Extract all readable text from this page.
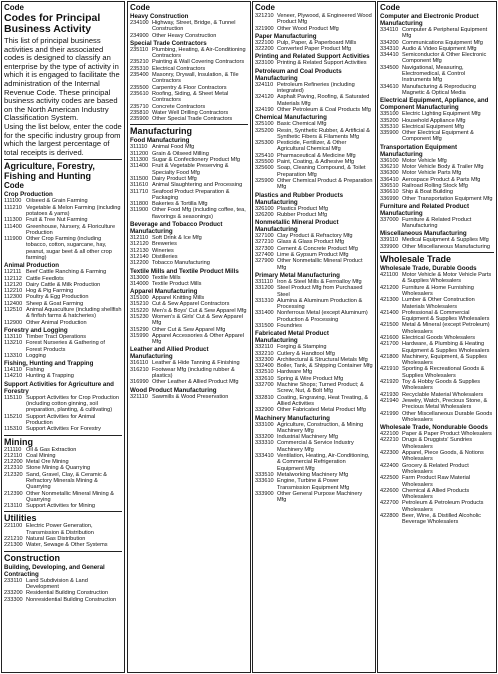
Code
Codes for Principal Business Activity

This list of principal business activities and their associated codes is designed to classify an enterprise by the type of activity in which it is engaged to facilitate the administration of the Internal Revenue Code. These principal business activity codes are based on the North American Industry Classification System.

Using the list below, enter the code for the specific industry group from which the largest percentage of total receipts is derived.

Agriculture, Forestry, Fishing and Hunting
Code
Crop Production
111100 Oilseed & Grain Farming
111210 Vegetable & Melon Farming (including potatoes & yams)
111300 Fruit & Tree Nut Farming
111400 Greenhouse, Nursery, & Floriculture Production
111900 Other Crop Farming (including tobacco, cotton, sugarcane, hay, peanut, sugar beet & all other crop farming)
Animal Production
112111 Beef Cattle Ranching & Farming
112112 Cattle Feedlots
112120 Dairy Cattle & Milk Production
112210 Hog & Pig Farming
112300 Poultry & Egg Production
112400 Sheep & Goat Farming
112510 Animal Aquaculture (including shellfish & finfish farms & hatcheries)
112900 Other Animal Production
Forestry and Logging
113110 Timber Tract Operations
113210 Forest Nurseries & Gathering of Forest Products
113310 Logging
Fishing, Hunting and Trapping
114110 Fishing
114210 Hunting & Trapping
Support Activities for Agriculture and Forestry
115110 Support Activities for Crop Production (including cotton ginning, soil preparation, planting, & cultivating)
115210 Support Activities for Animal Production
115310 Support Activities For Forestry
Mining
211110 Oil & Gas Extraction
212110 Coal Mining
212200 Metal Ore Mining
212310 Stone Mining & Quarrying
212320 Sand, Gravel, Clay, & Ceramic & Refractory Minerals Mining & Quarrying
212390 Other Nonmetallic Mineral Mining & Quarrying
213110 Support Activities for Mining
Utilities
221100 Electric Power Generation, Transmission & Distribution
221210 Natural Gas Distribution
221300 Water, Sewage & Other Systems
Construction
Building, Developing, and General Contracting
233110 Land Subdivision & Land Development
233200 Residential Building Construction
233300 Nonresidential Building Construction
Code
Heavy Construction
234100 Highway, Street, Bridge, & Tunnel Construction
234900 Other Heavy Construction
Special Trade Contractors
235110 Plumbing, Heating, & Air-Conditioning Contractors
235210 Painting & Wall Covering Contractors
235310 Electrical Contractors
235400 Masonry, Drywall, Insulation, & Tile Contractors
235500 Carpentry & Floor Contractors
235610 Roofing, Siding, & Sheet Metal Contractors
235710 Concrete Contractors
235810 Water Well Drilling Contractors
235900 Other Special Trade Contractors
Manufacturing
Food Manufacturing
311110 Animal Food Mfg
311200 Grain & Oilseed Milling
311300 Sugar & Confectionery Product Mfg
311400 Fruit & Vegetable Preserving & Specialty Food Mfg
311500 Dairy Product Mfg
311610 Animal Slaughtering and Processing
311710 Seafood Product Preparation & Packaging
311800 Bakeries & Tortilla Mfg
311900 Other Food Mfg (including coffee, tea, flavorings & seasonings)
Beverage and Tobacco Product Manufacturing
312110 Soft Drink & Ice Mfg
312120 Breweries
312130 Wineries
312140 Distilleries
312200 Tobacco Manufacturing
Textile Mills and Textile Product Mills
313000 Textile Mills
314000 Textile Product Mills
Apparel Manufacturing
315100 Apparel Knitting Mills
315210 Cut & Sew Apparel Contractors
315220 Men's & Boys' Cut & Sew Apparel Mfg
315230 Women's & Girls' Cut & Sew Apparel Mfg
315290 Other Cut & Sew Apparel Mfg
315990 Apparel Accessories & Other Apparel Mfg
Leather and Allied Product Manufacturing
316110 Leather & Hide Tanning & Finishing
316210 Footwear Mfg (including rubber & plastics)
316990 Other Leather & Allied Product Mfg
Wood Product Manufacturing
321110 Sawmills & Wood Preservation
Code
321210 Veneer, Plywood, & Engineered Wood Product Mfg
321900 Other Wood Product Mfg
Paper Manufacturing
322100 Pulp, Paper, & Paperboard Mills
322200 Converted Paper Product Mfg
Printing and Related Support Activities
323100 Printing & Related Support Activities
Petroleum and Coal Products Manufacturing
324110 Petroleum Refineries (including integrated)
324120 Asphalt Paving, Roofing, & Saturated Materials Mfg
324190 Other Petroleum & Coal Products Mfg
Chemical Manufacturing
325100 Basic Chemical Mfg
325200 Resin, Synthetic Rubber, & Artificial & Synthetic Fibers & Filaments Mfg
325300 Pesticide, Fertilizer, & Other Agricultural Chemical Mfg
325410 Pharmaceutical & Medicine Mfg
325500 Paint, Coating, & Adhesive Mfg
325600 Soap, Cleaning Compound, & Toilet Preparation Mfg
325900 Other Chemical Product & Preparation Mfg
Plastics and Rubber Products Manufacturing
326100 Plastics Product Mfg
326200 Rubber Product Mfg
Nonmetallic Mineral Product Manufacturing
327100 Clay Product & Refractory Mfg
327210 Glass & Glass Product Mfg
327300 Cement & Concrete Product Mfg
327400 Lime & Gypsum Product Mfg
327900 Other Nonmetallic Mineral Product Mfg
Primary Metal Manufacturing
331110 Iron & Steel Mills & Ferroalloy Mfg
331200 Steel Product Mfg from Purchased Steel
331310 Alumina & Aluminum Production & Processing
331400 Nonferrous Metal (except Aluminum) Production & Processing
331500 Foundries
Fabricated Metal Product Manufacturing
332110 Forging & Stamping
332210 Cutlery & Handtool Mfg
332300 Architectural & Structural Metals Mfg
332400 Boiler, Tank, & Shipping Container Mfg
332510 Hardware Mfg
332610 Spring & Wire Product Mfg
332700 Machine Shops; Turned Product; & Screw, Nut, & Bolt Mfg
332810 Coating, Engraving, Heat Treating, & Allied Activities
332900 Other Fabricated Metal Product Mfg
Machinery Manufacturing
333100 Agriculture, Construction, & Mining Machinery Mfg
333200 Industrial Machinery Mfg
333310 Commercial & Service Industry Machinery Mfg
333410 Ventilation, Heating, Air-Conditioning, & Commercial Refrigeration Equipment Mfg
333510 Metalworking Machinery Mfg
333610 Engine, Turbine & Power Transmission Equipment Mfg
333900 Other General Purpose Machinery Mfg
Code
Computer and Electronic Product Manufacturing
334110 Computer & Peripheral Equipment Mfg
334200 Communications Equipment Mfg
334310 Audio & Video Equipment Mfg
334410 Semiconductor & Other Electronic Component Mfg
334500 Navigational, Measuring, Electromedical, & Control Instruments Mfg
334610 Manufacturing & Reproducing Magnetic & Optical Media
Electrical Equipment, Appliance, and Component Manufacturing
335100 Electric Lighting Equipment Mfg
335200 Household Appliance Mfg
335310 Electrical Equipment Mfg
335900 Other Electrical Equipment & Component Mfg
Transportation Equipment Manufacturing
336100 Motor Vehicle Mfg
336210 Motor Vehicle Body & Trailer Mfg
336300 Motor Vehicle Parts Mfg
336410 Aerospace Product & Parts Mfg
336510 Railroad Rolling Stock Mfg
336610 Ship & Boat Building
336990 Other Transportation Equipment Mfg
Furniture and Related Product Manufacturing
337000 Furniture & Related Product Manufacturing
Miscellaneous Manufacturing
339110 Medical Equipment & Supplies Mfg
339900 Other Miscellaneous Manufacturing
Wholesale Trade
Wholesale Trade, Durable Goods
421100 Motor Vehicle & Motor Vehicle Parts & Supplies Wholesalers
421200 Furniture & Home Furnishing Wholesalers
421300 Lumber & Other Construction Materials Wholesalers
421400 Professional & Commercial Equipment & Supplies Wholesalers
421500 Metal & Mineral (except Petroleum) Wholesalers
421600 Electrical Goods Wholesalers
421700 Hardware, & Plumbing & Heating Equipment & Supplies Wholesalers
421800 Machinery, Equipment, & Supplies Wholesalers
421910 Sporting & Recreational Goods & Supplies Wholesalers
421920 Toy & Hobby Goods & Supplies Wholesalers
421930 Recyclable Material Wholesalers
421940 Jewelry, Watch, Precious Stone, & Precious Metal Wholesalers
421990 Other Miscellaneous Durable Goods Wholesalers
Wholesale Trade, Nondurable Goods
422100 Paper & Paper Product Wholesalers
422210 Drugs & Druggists' Sundries Wholesalers
422300 Apparel, Piece Goods, & Notions Wholesalers
422400 Grocery & Related Product Wholesalers
422500 Farm Product Raw Material Wholesalers
422600 Chemical & Allied Products Wholesalers
422700 Petroleum & Petroleum Products Wholesalers
422800 Beer, Wine, & Distilled Alcoholic Beverage Wholesalers
